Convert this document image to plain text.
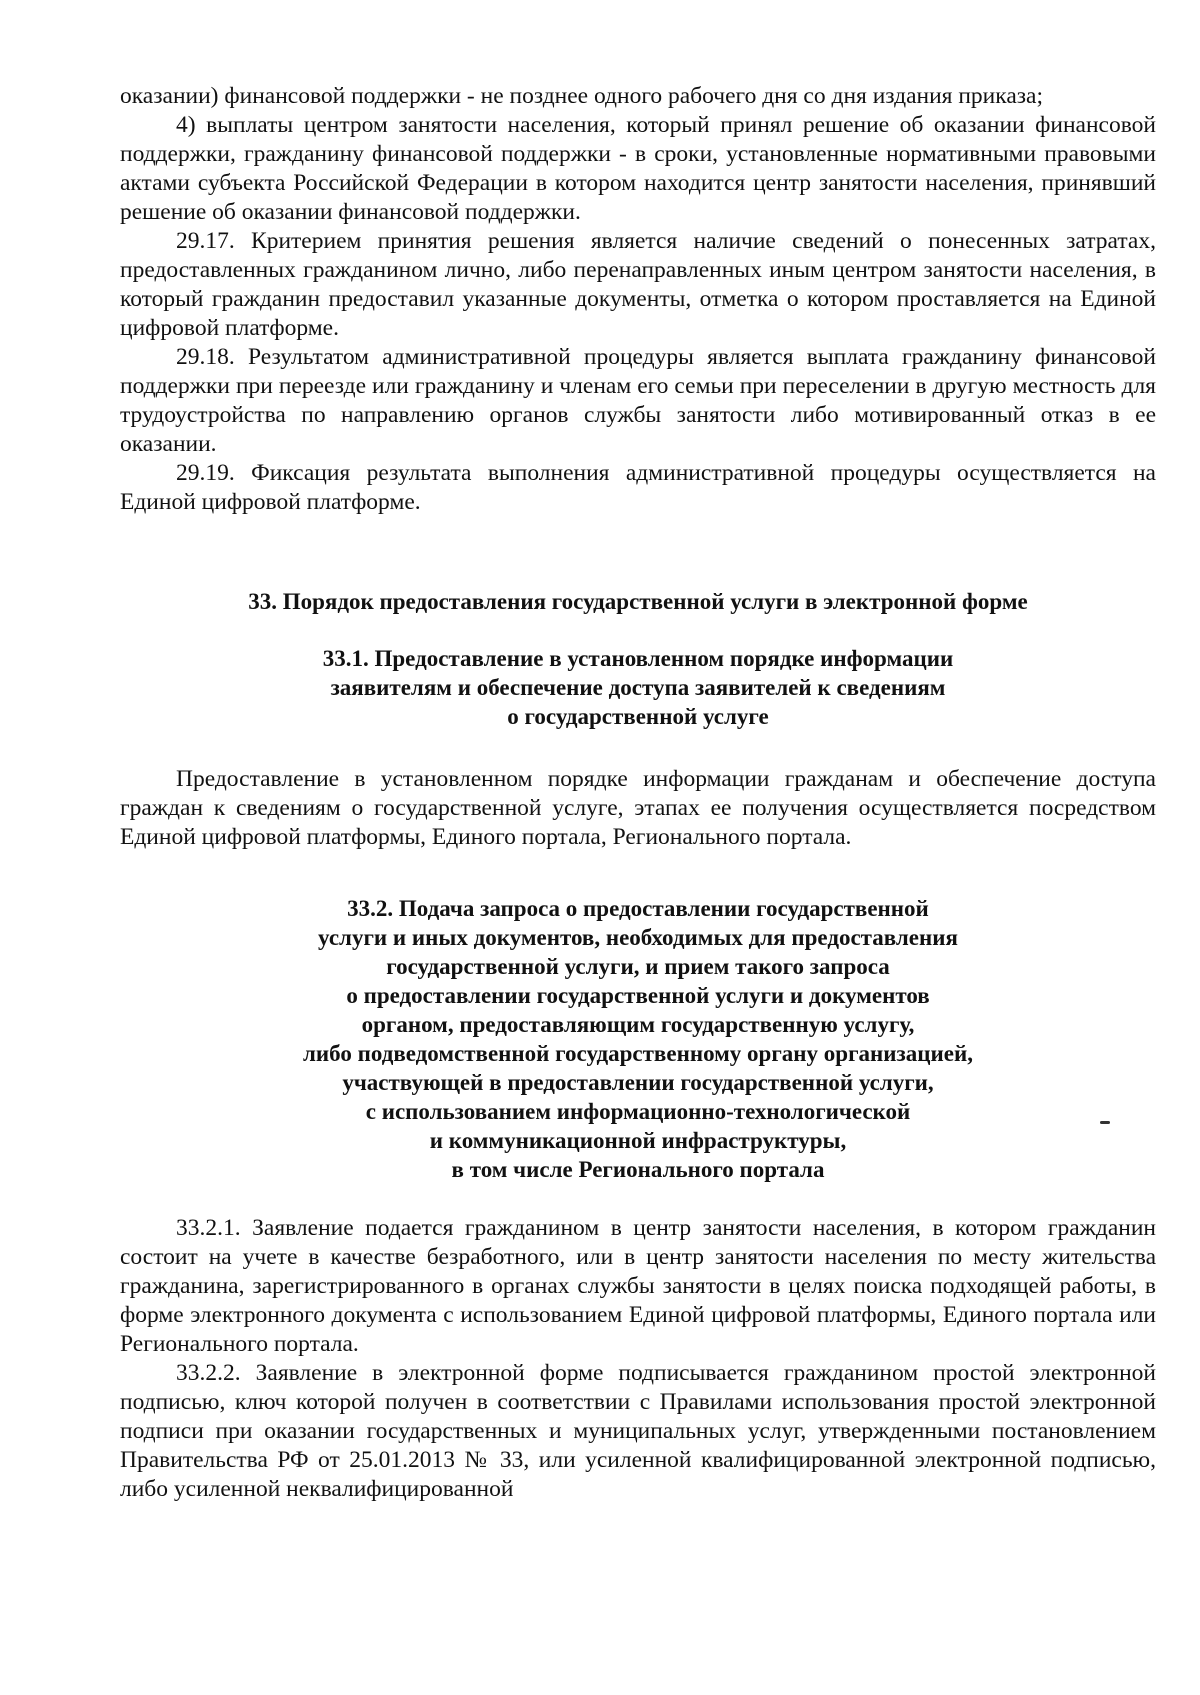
оказании) финансовой поддержки - не позднее одного рабочего дня со дня издания приказа;

4) выплаты центром занятости населения, который принял решение об оказании финансовой поддержки, гражданину финансовой поддержки - в сроки, установленные нормативными правовыми актами субъекта Российской Федерации в котором находится центр занятости населения, принявший решение об оказании финансовой поддержки.

29.17. Критерием принятия решения является наличие сведений о понесенных затратах, предоставленных гражданином лично, либо перенаправленных иным центром занятости населения, в который гражданин предоставил указанные документы, отметка о котором проставляется на Единой цифровой платформе.

29.18. Результатом административной процедуры является выплата гражданину финансовой поддержки при переезде или гражданину и членам его семьи при переселении в другую местность для трудоустройства по направлению органов службы занятости либо мотивированный отказ в ее оказании.

29.19. Фиксация результата выполнения административной процедуры осуществляется на Единой цифровой платформе.

33. Порядок предоставления государственной услуги в электронной форме
33.1. Предоставление в установленном порядке информации
заявителям и обеспечение доступа заявителей к сведениям
о государственной услуге

Предоставление в установленном порядке информации гражданам и обеспечение доступа граждан к сведениям о государственной услуге, этапах ее получения осуществляется посредством Единой цифровой платформы, Единого портала, Регионального портала.

33.2. Подача запроса о предоставлении государственной
услуги и иных документов, необходимых для предоставления
государственной услуги, и прием такого запроса
о предоставлении государственной услуги и документов
органом, предоставляющим государственную услугу,
либо подведомственной государственному органу организацией,
участвующей в предоставлении государственной услуги,
с использованием информационно-технологической
и коммуникационной инфраструктуры,
в том числе Регионального портала

33.2.1. Заявление подается гражданином в центр занятости населения, в котором гражданин состоит на учете в качестве безработного, или в центр занятости населения по месту жительства гражданина, зарегистрированного в органах службы занятости в целях поиска подходящей работы, в форме электронного документа с использованием Единой цифровой платформы, Единого портала или Регионального портала.

33.2.2. Заявление в электронной форме подписывается гражданином простой электронной подписью, ключ которой получен в соответствии с Правилами использования простой электронной подписи при оказании государственных и муниципальных услуг, утвержденными постановлением Правительства РФ от 25.01.2013 № 33, или усиленной квалифицированной электронной подписью, либо усиленной неквалифицированной
